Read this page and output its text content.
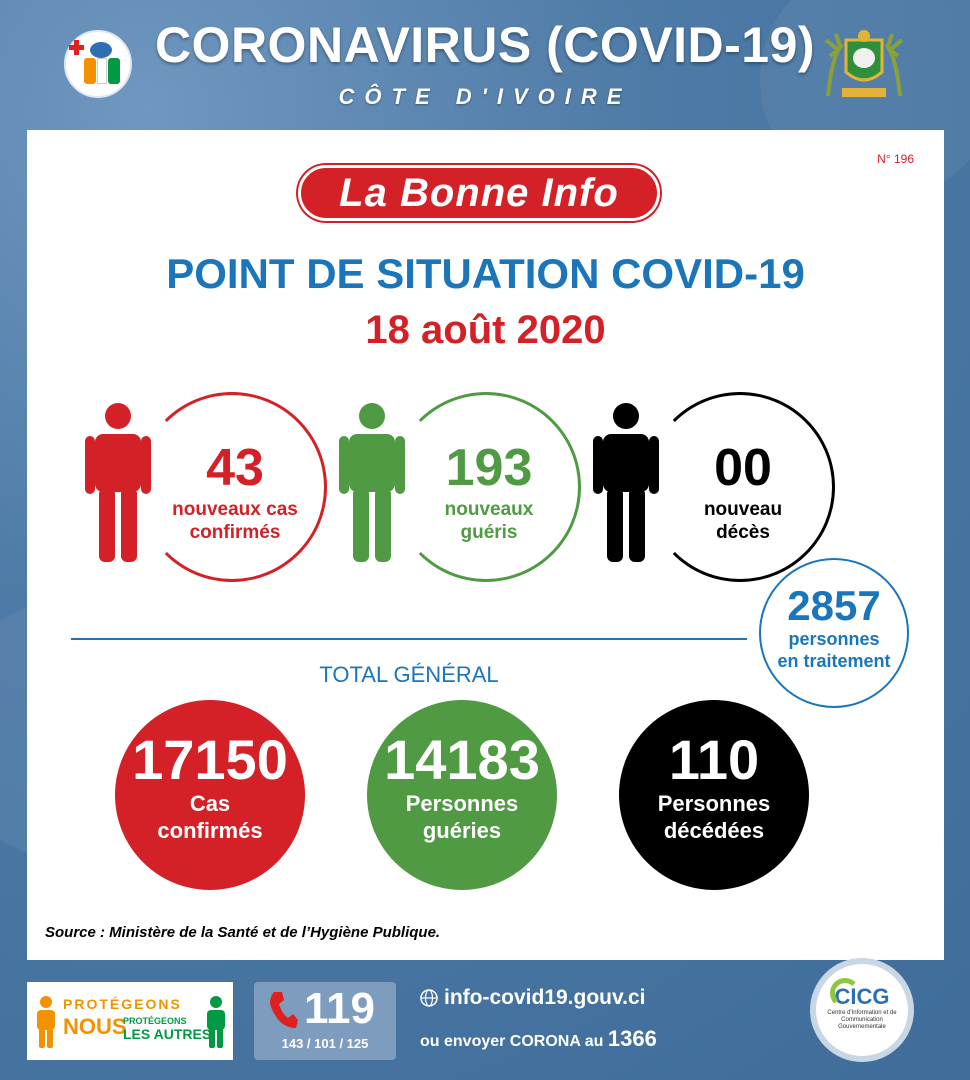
CORONAVIRUS (COVID-19)
CÔTE D'IVOIRE
N° 196
La Bonne Info
POINT DE SITUATION COVID-19
18 août 2020
43
nouveaux cas
confirmés
193
nouveaux
guéris
00
nouveau
décès
2857
personnes
en traitement
TOTAL GÉNÉRAL
17150
Cas
confirmés
14183
Personnes
guéries
110
Personnes
décédées
Source : Ministère de la Santé et de l’Hygiène Publique.
PROTÉGEONS
NOUS
PROTÉGEONS
LES AUTRES
119
143 / 101 / 125
info-covid19.gouv.ci
ou envoyer CORONA au 1366
CICG
Centre d'Information et de Communication Gouvernementale
